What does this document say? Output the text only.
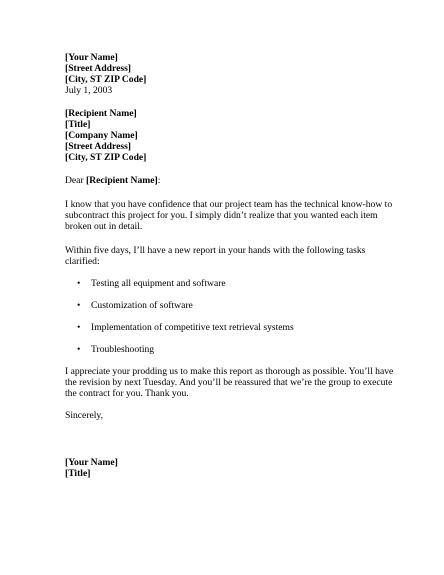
[Your Name]
[Street Address]
[City, ST ZIP Code]
July 1, 2003
[Recipient Name]
[Title]
[Company Name]
[Street Address]
[City, ST ZIP Code]
Dear [Recipient Name]:

I know that you have confidence that our project team has the technical know-how to subcontract this project for you. I simply didn’t realize that you wanted each item broken out in detail.

Within five days, I’ll have a new report in your hands with the following tasks clarified:

• Testing all equipment and software
• Customization of software
• Implementation of competitive text retrieval systems
• Troubleshooting

I appreciate your prodding us to make this report as thorough as possible. You’ll have the revision by next Tuesday. And you’ll be reassured that we’re the group to execute the contract for you. Thank you.

Sincerely,
[Your Name]
[Title]
